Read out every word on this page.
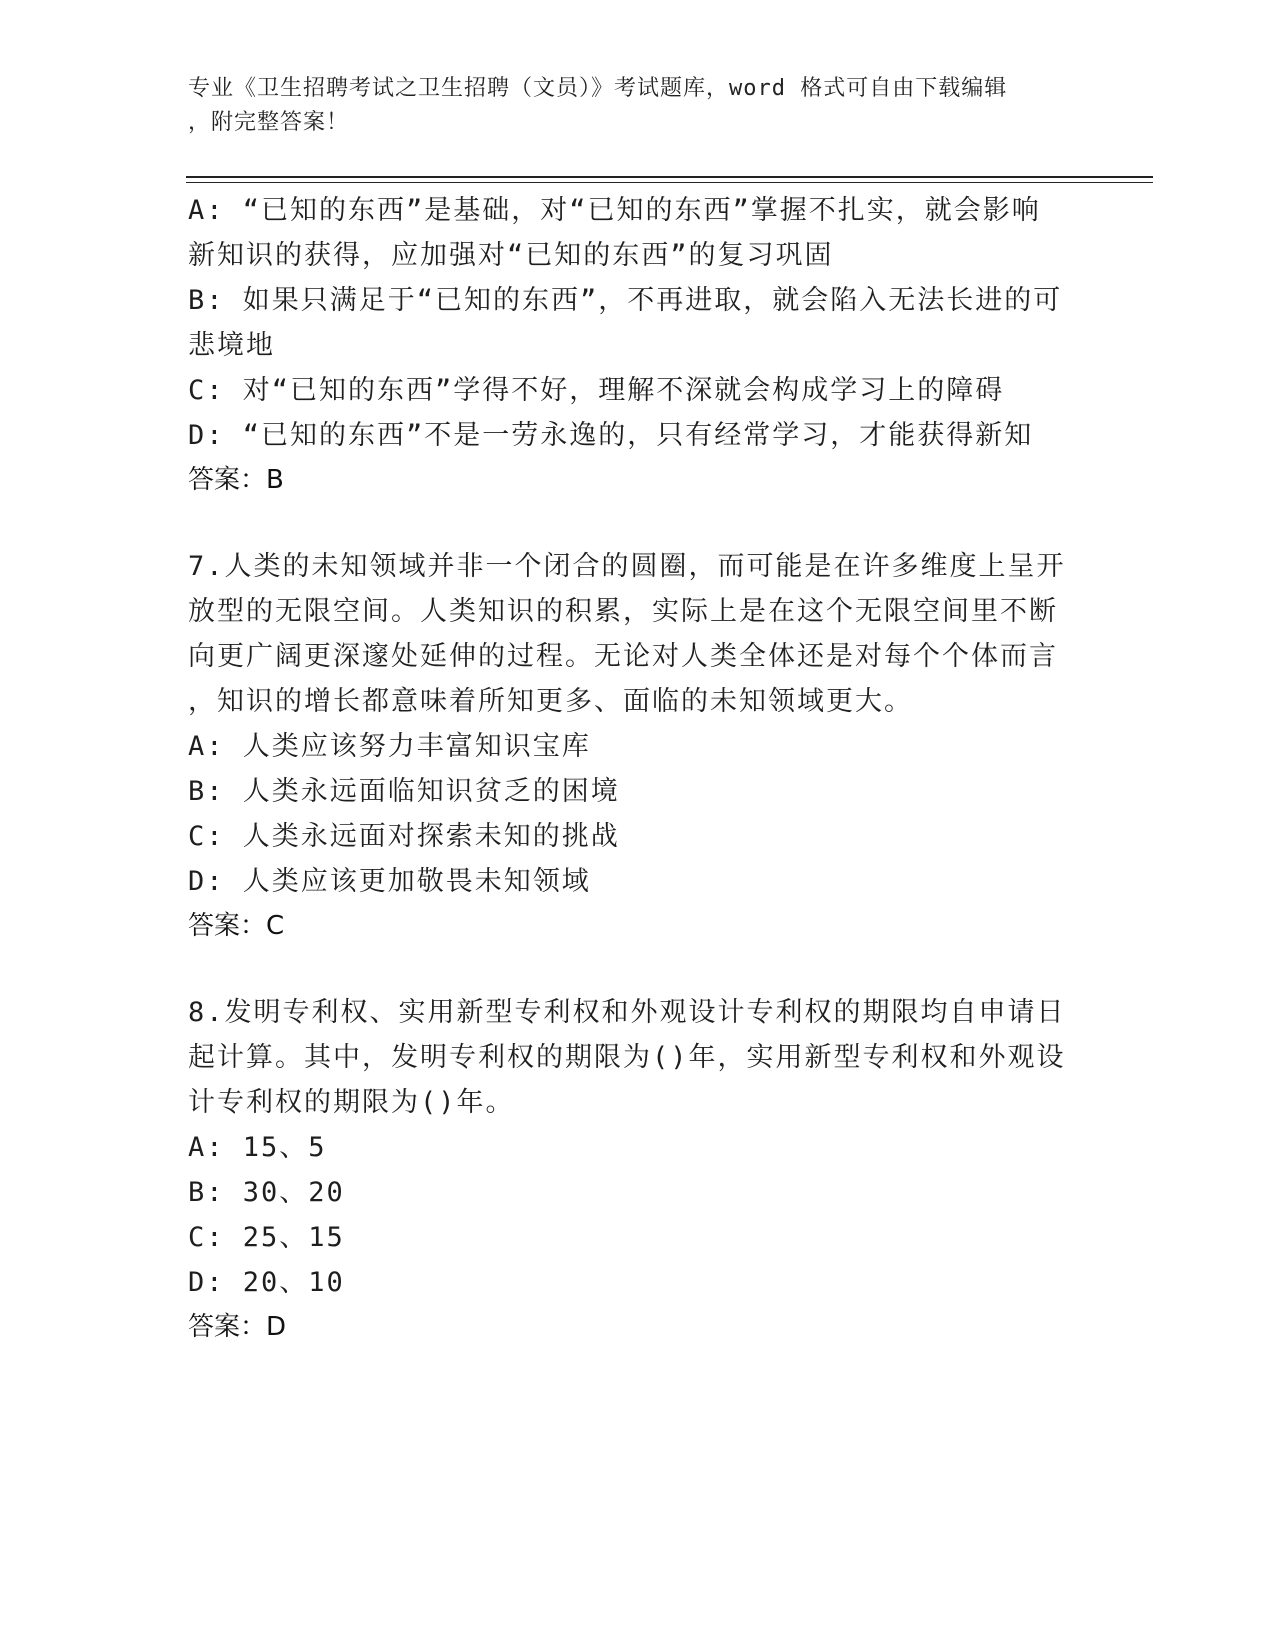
专业《卫生招聘考试之卫生招聘（文员）》考试题库，word 格式可自由下载编辑
，附完整答案！
A: “已知的东西”是基础，对“已知的东西”掌握不扎实，就会影响
新知识的获得，应加强对“已知的东西”的复习巩固
B: 如果只满足于“已知的东西”，不再进取，就会陷入无法长进的可
悲境地
C: 对“已知的东西”学得不好，理解不深就会构成学习上的障碍
D: “已知的东西”不是一劳永逸的，只有经常学习，才能获得新知
答案：B
7.人类的未知领域并非一个闭合的圆圈，而可能是在许多维度上呈开
放型的无限空间。人类知识的积累，实际上是在这个无限空间里不断
向更广阔更深邃处延伸的过程。无论对人类全体还是对每个个体而言
，知识的增长都意味着所知更多、面临的未知领域更大。
A: 人类应该努力丰富知识宝库
B: 人类永远面临知识贫乏的困境
C: 人类永远面对探索未知的挑战
D: 人类应该更加敬畏未知领域
答案：C
8.发明专利权、实用新型专利权和外观设计专利权的期限均自申请日
起计算。其中，发明专利权的期限为()年，实用新型专利权和外观设
计专利权的期限为()年。
A: 15、5
B: 30、20
C: 25、15
D: 20、10
答案：D
